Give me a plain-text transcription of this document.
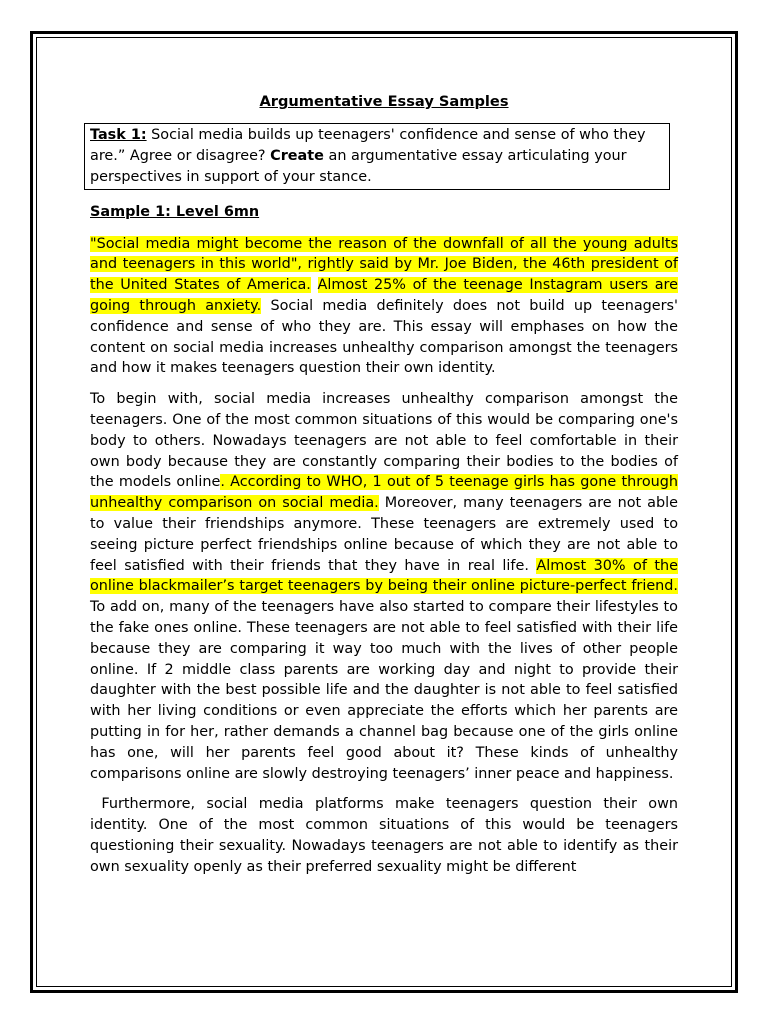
Argumentative Essay Samples
Task 1: Social media builds up teenagers' confidence and sense of who they are.” Agree or disagree? Create an argumentative essay articulating your perspectives in support of your stance.
Sample 1: Level 6mn

"Social media might become the reason of the downfall of all the young adults and teenagers in this world", rightly said by Mr. Joe Biden, the 46th president of the United States of America. Almost 25% of the teenage Instagram users are going through anxiety. Social media definitely does not build up teenagers' confidence and sense of who they are. This essay will emphases on how the content on social media increases unhealthy comparison amongst the teenagers and how it makes teenagers question their own identity.

To begin with, social media increases unhealthy comparison amongst the teenagers. One of the most common situations of this would be comparing one's body to others. Nowadays teenagers are not able to feel comfortable in their own body because they are constantly comparing their bodies to the bodies of the models online. According to WHO, 1 out of 5 teenage girls has gone through unhealthy comparison on social media. Moreover, many teenagers are not able to value their friendships anymore. These teenagers are extremely used to seeing picture perfect friendships online because of which they are not able to feel satisfied with their friends that they have in real life. Almost 30% of the online blackmailer’s target teenagers by being their online picture-perfect friend. To add on, many of the teenagers have also started to compare their lifestyles to the fake ones online. These teenagers are not able to feel satisfied with their life because they are comparing it way too much with the lives of other people online. If 2 middle class parents are working day and night to provide their daughter with the best possible life and the daughter is not able to feel satisfied with her living conditions or even appreciate the efforts which her parents are putting in for her, rather demands a channel bag because one of the girls online has one, will her parents feel good about it? These kinds of unhealthy comparisons online are slowly destroying teenagers’ inner peace and happiness.

Furthermore, social media platforms make teenagers question their own identity. One of the most common situations of this would be teenagers questioning their sexuality. Nowadays teenagers are not able to identify as their own sexuality openly as their preferred sexuality might be different
